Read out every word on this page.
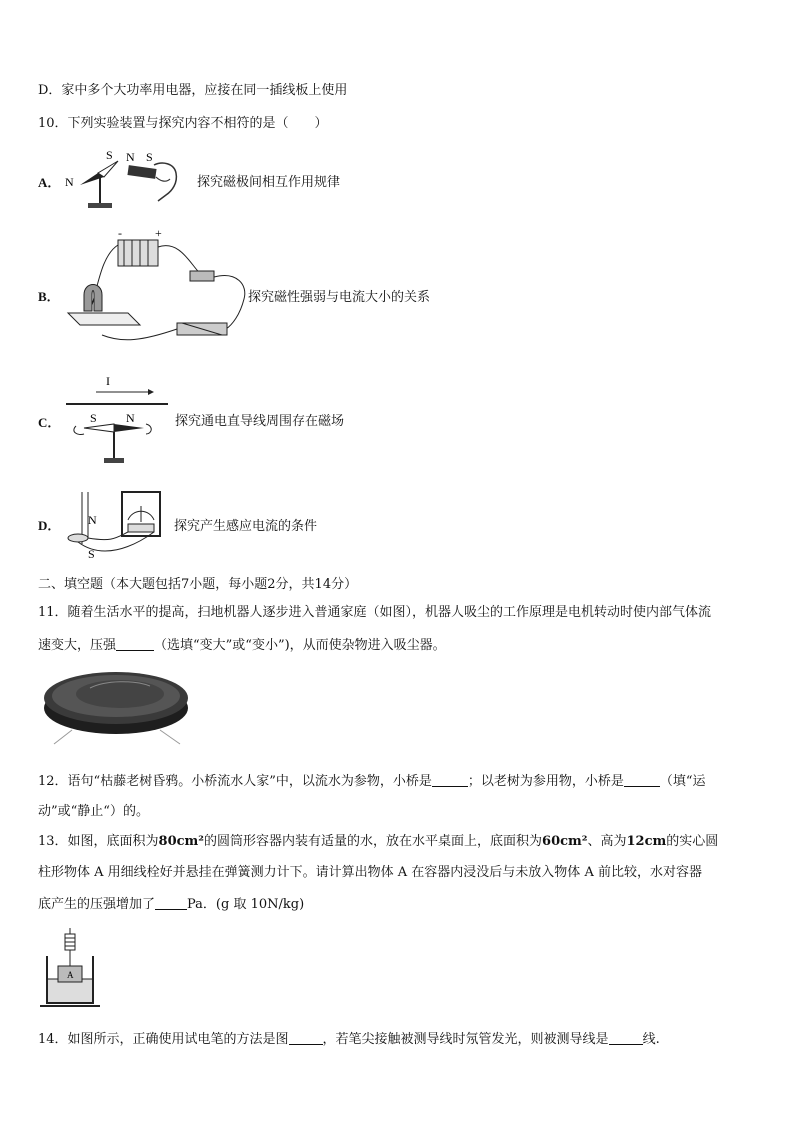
D．家中多个大功率用电器，应接在同一插线板上使用
10．下列实验装置与探究内容不相符的是（　　）
A．
S
N
N S
探究磁极间相互作用规律
B．
-	+
探究磁性强弱与电流大小的关系
C．
I
S N	探究通电直导线周围存在磁场
D． N
S
探究产生感应电流的条件
二、填空题（本大题包括7小题，每小题2分，共14分）
11．随着生活水平的提高，扫地机器人逐步进入普通家庭（如图），机器人吸尘的工作原理是电机转动时使内部气体流
速变大，压强	（选填“变大”或“变小”)，从而使杂物进入吸尘器。
12．语句“枯藤老树昏鸦。小桥流水人家”中，以流水为参物，小桥是	；以老树为参用物，小桥是	（填“运
动”或“静止“）的。
13．如图，底面积为80cm²的圆筒形容器内装有适量的水，放在水平桌面上，底面积为60cm²、高为12cm的实心圆
柱形物体 A 用细线栓好并悬挂在弹簧测力计下。请计算出物体 A 在容器内浸没后与未放入物体 A 前比较，水对容器
底产生的压强增加了 Pa．(g 取 10N/kg)
A
14．如图所示，正确使用试电笔的方法是图	，若笔尖接触被测导线时氖管发光，则被测导线是	线.
